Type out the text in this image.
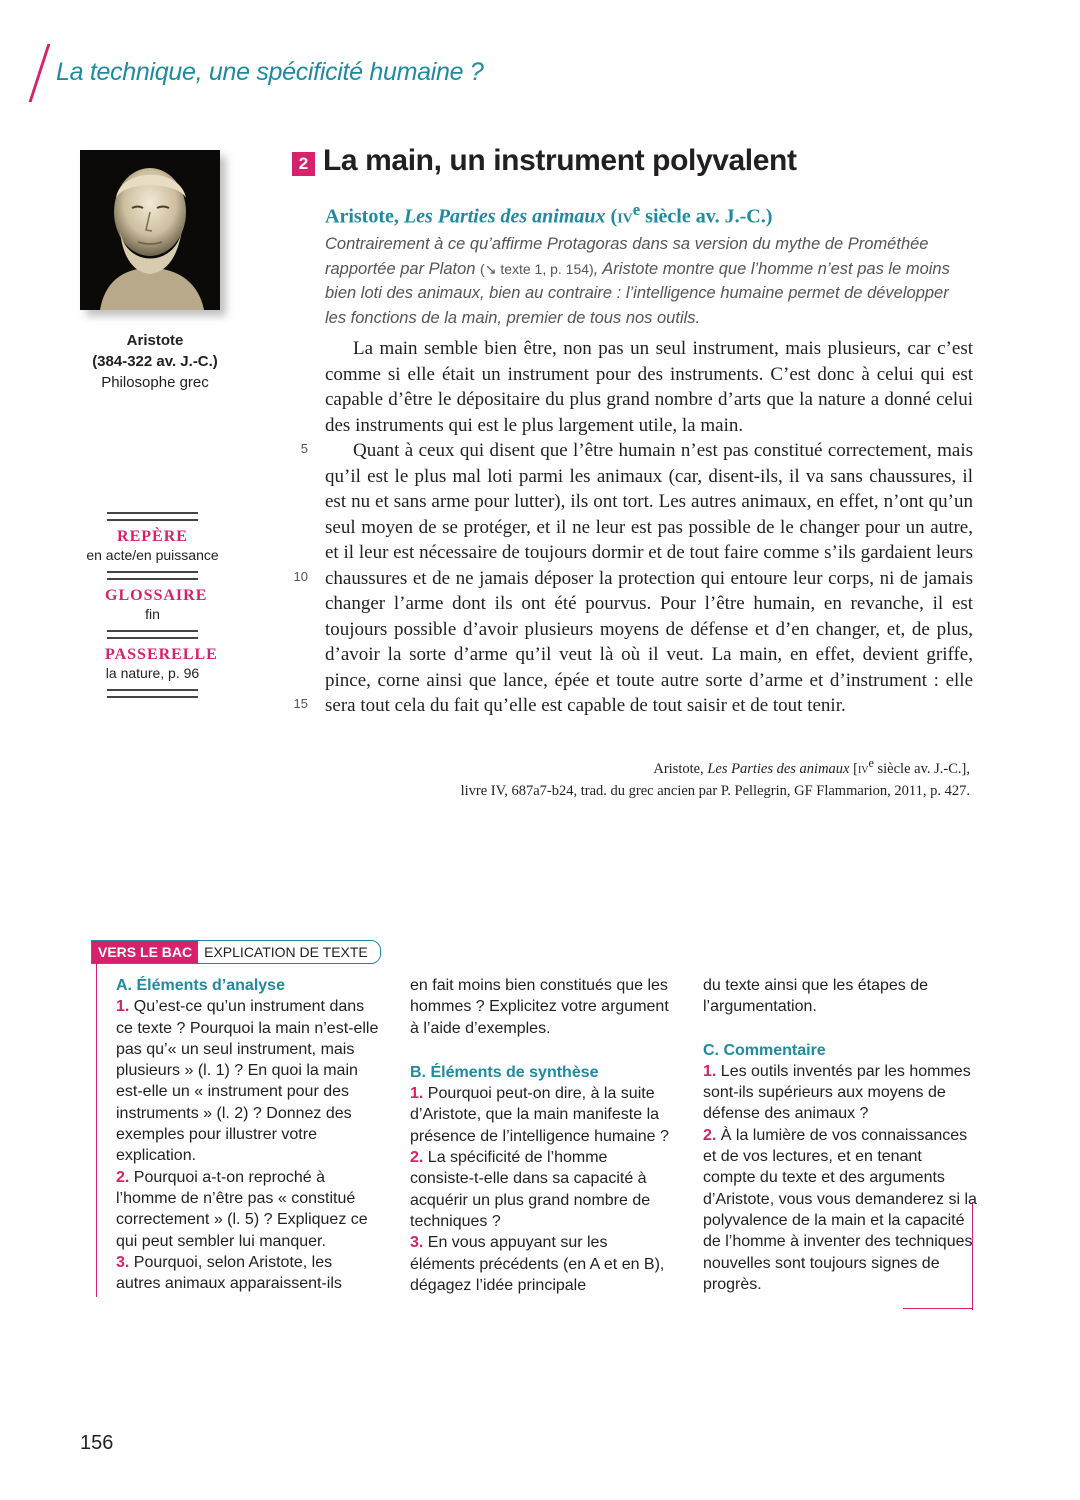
La technique, une spécificité humaine ?
Aristote
(384-322 av. J.-C.)
Philosophe grec
REPÈRE
en acte/en puissance
GLOSSAIRE
fin
PASSERELLE
la nature, p. 96
2 La main, un instrument polyvalent
Aristote, Les Parties des animaux ($iv^e$ siècle av. J.-C.)
Contrairement à ce qu’affirme Protagoras dans sa version du mythe de Prométhée rapportée par Platon (↘ texte 1, p. 154), Aristote montre que l’homme n’est pas le moins bien loti des animaux, bien au contraire : l’intelligence humaine permet de développer les fonctions de la main, premier de tous nos outils.

La main semble bien être, non pas un seul instrument, mais plusieurs, car c’est comme si elle était un instrument pour des instruments. C’est donc à celui qui est capable d’être le dépositaire du plus grand nombre d’arts que la nature a donné celui des instruments qui est le plus largement utile, la main.

Quant à ceux qui disent que l’être humain n’est pas constitué correctement, mais qu’il est le plus mal loti parmi les animaux (car, disent-ils, il va sans chaussures, il est nu et sans arme pour lutter), ils ont tort. Les autres animaux, en effet, n’ont qu’un seul moyen de se protéger, et il ne leur est pas possible de le changer pour un autre, et il leur est nécessaire de toujours dormir et de tout faire comme s’ils gardaient leurs chaussures et de ne jamais déposer la protection qui entoure leur corps, ni de jamais changer l’arme dont ils ont été pourvus. Pour l’être humain, en revanche, il est toujours possible d’avoir plusieurs moyens de défense et d’en changer, et, de plus, d’avoir la sorte d’arme qu’il veut là où il veut. La main, en effet, devient griffe, pince, corne ainsi que lance, épée et toute autre sorte d’arme et d’instrument : elle sera tout cela du fait qu’elle est capable de tout saisir et de tout tenir.

5
10
15
Aristote, Les Parties des animaux [$iv^e$ siècle av. J.-C.],
livre IV, 687a7-b24, trad. du grec ancien par P. Pellegrin, GF Flammarion, 2011, p. 427.
VERS LE BAC EXPLICATION DE TEXTE
A. Éléments d’analyse

1. Qu’est-ce qu’un instrument dans ce texte ? Pourquoi la main n’est-elle pas qu’« un seul instrument, mais plusieurs » (l. 1) ? En quoi la main est-elle un « instrument pour des instruments » (l. 2) ? Donnez des exemples pour illustrer votre explication.

2. Pourquoi a-t-on reproché à l’homme de n’être pas « constitué correctement » (l. 5) ? Expliquez ce qui peut sembler lui manquer.

3. Pourquoi, selon Aristote, les autres animaux apparaissent-ils

en fait moins bien constitués que les hommes ? Explicitez votre argument à l’aide d’exemples.

B. Éléments de synthèse

1. Pourquoi peut-on dire, à la suite d’Aristote, que la main manifeste la présence de l’intelligence humaine ?

2. La spécificité de l’homme consiste-t-elle dans sa capacité à acquérir un plus grand nombre de techniques ?

3. En vous appuyant sur les éléments précédents (en A et en B), dégagez l’idée principale

du texte ainsi que les étapes de l’argumentation.

C. Commentaire

1. Les outils inventés par les hommes sont-ils supérieurs aux moyens de défense des animaux ?

2. À la lumière de vos connaissances et de vos lectures, et en tenant compte du texte et des arguments d’Aristote, vous vous demanderez si la polyvalence de la main et la capacité de l’homme à inventer des techniques nouvelles sont toujours signes de progrès.

156
